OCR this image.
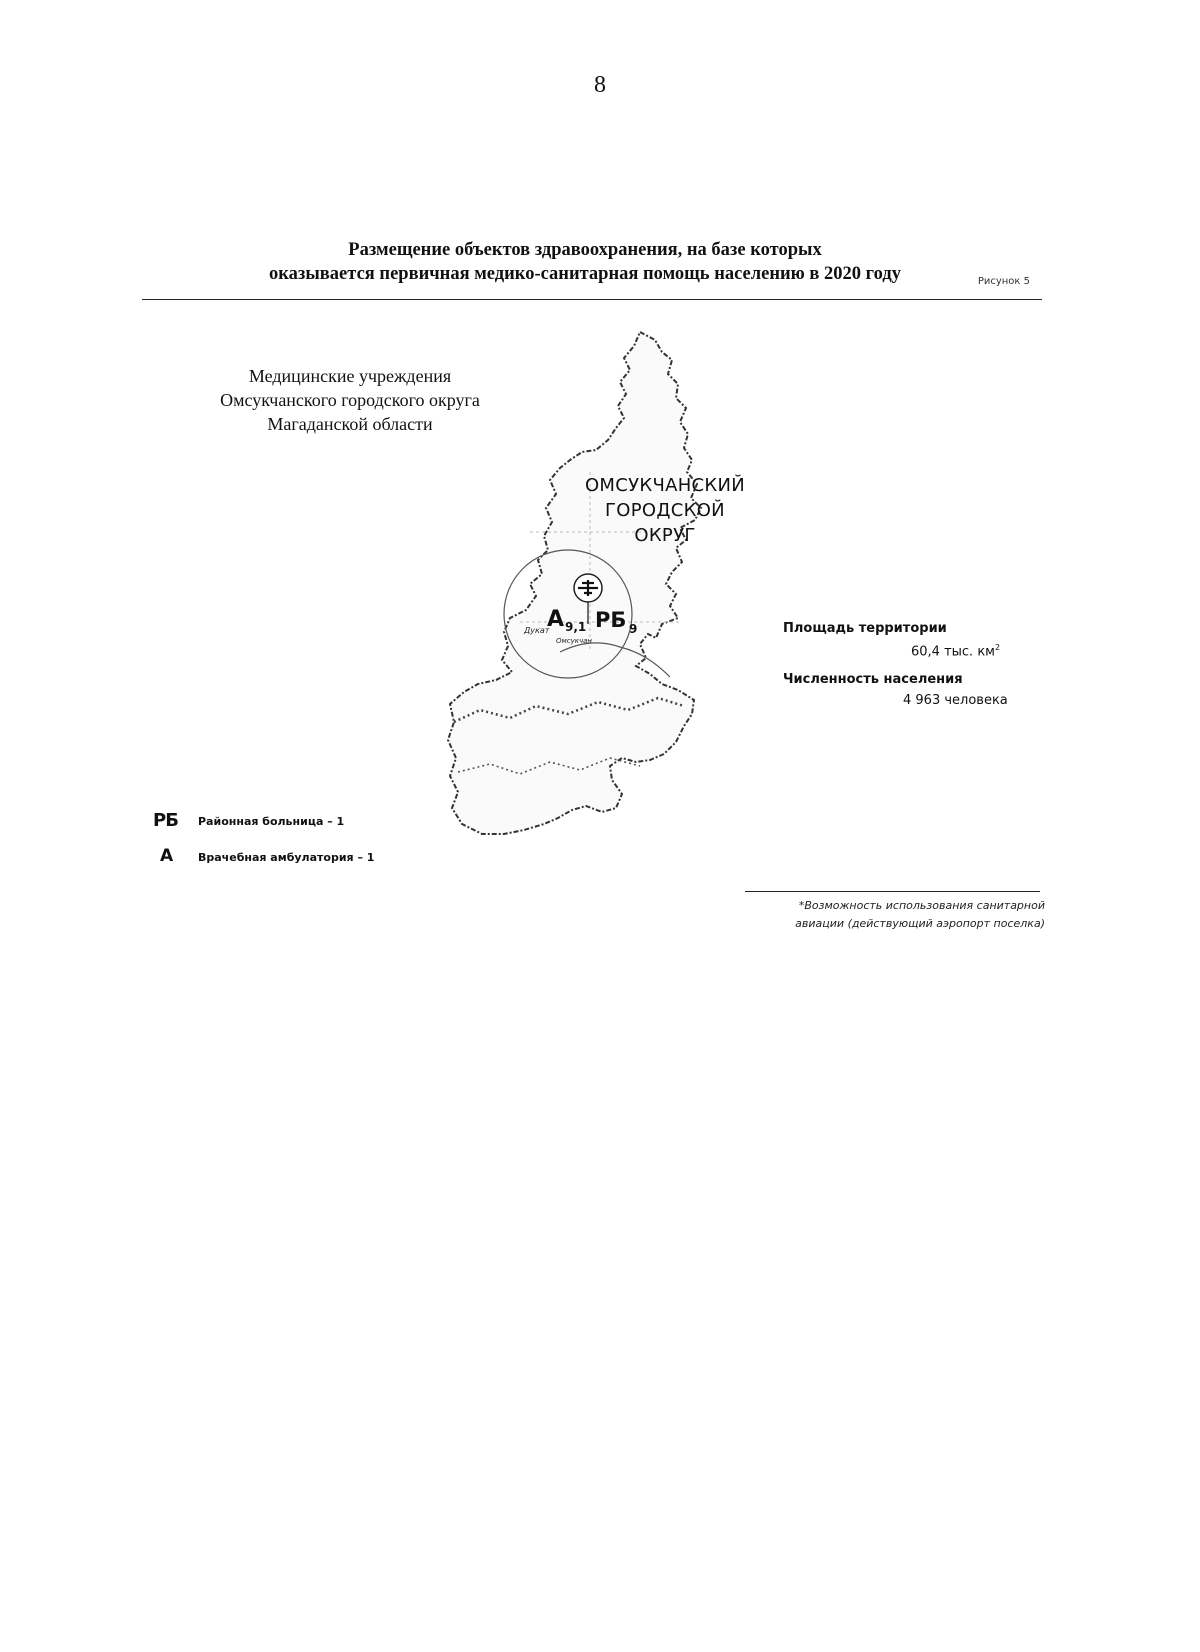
8
Размещение объектов здравоохранения, на базе которых
оказывается первичная медико-санитарная помощь населению в 2020 году	Рисунок 5
Медицинские учреждения
Омсукчанского городского округа
Магаданской области
А 9,1 РБ 9
Дукат
Омсукчан
ОМСУКЧАНСКИЙ
ГОРОДСКОЙ
ОКРУГ
Площадь территории
60,4 тыс. $км^2$
Численность населения
4 963 человека
РБ Районная больница – 1
А Врачебная амбулатория – 1
*Возможность использования санитарной
авиации (действующий аэропорт поселка)
